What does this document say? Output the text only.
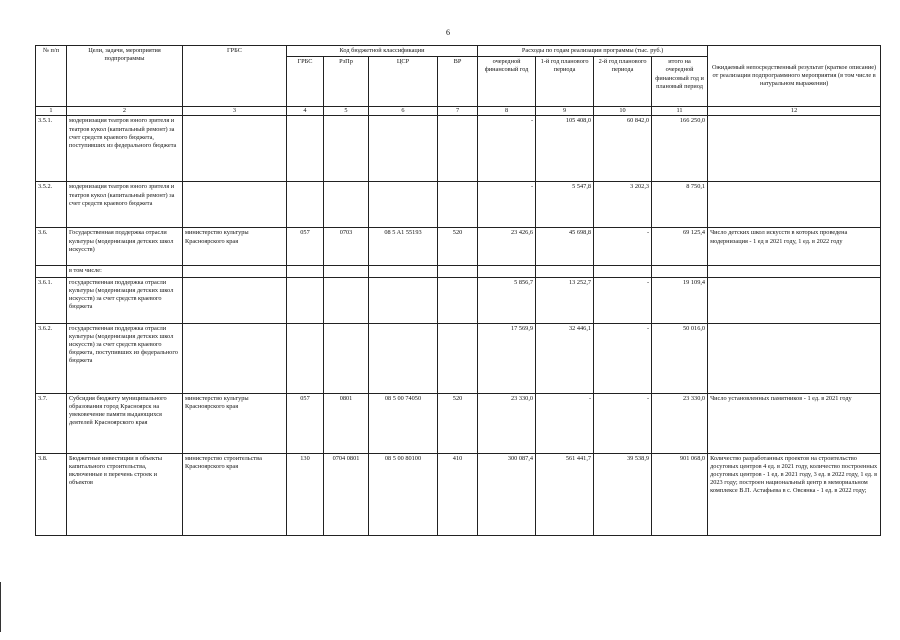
6
№ п/п	Цели, задачи, мероприятия подпрограммы	ГРБС	Код бюджетной классификации				Расходы по годам реализации программы (тыс. руб.)				Ожидаемый непосредственный результат (краткое описание) от реализации подпрограммного мероприятия (в том числе в натуральном выражении)
			ГРБС	РзПр	ЦСР	ВР	очередной финансовый год	1-й год планового периода	2-й год планового периода	итого на очередной финансовый год и плановый период	
1	2	3	4	5	6	7	8	9	10	11	12
3.5.1.	модернизация театров юного зрителя и театров кукол (капитальный ремонт) за счет средств краевого бюджета, поступивших из федерального бюджета						-	105 408,0	60 842,0	166 250,0	
3.5.2.	модернизация театров юного зрителя и театров кукол (капитальный ремонт) за счет средств краевого бюджета						-	5 547,8	3 202,3	8 750,1	
3.6.	Государственная поддержка отрасли культуры (модернизация детских школ искусств)	министерство культуры Красноярского края	057	0703	08 5 A1 55193	520	23 426,6	45 698,8	-	69 125,4	Число детских школ искусств в которых проведена модернизация - 1 ед в 2021 году, 1 ед. в 2022 году
	в том числе:										
3.6.1.	государственная поддержка отрасли культуры (модернизация детских школ искусств) за счет средств краевого бюджета						5 856,7	13 252,7	-	19 109,4	
3.6.2.	государственная поддержка отрасли культуры (модернизация детских школ искусств) за счет средств краевого бюджета, поступивших из федерального бюджета						17 569,9	32 446,1	-	50 016,0	
3.7.	Субсидия бюджету муниципального образования город Красноярск на увековечение памяти выдающихся деятелей Красноярского края	министерство культуры Красноярского края	057	0801	08 5 00 74050	520	23 330,0	-	-	23 330,0	Число установленных памятников - 1 ед. в 2021 году
3.8.	Бюджетные инвестиции в объекты капитального строительства, включенные в перечень строек и объектов	министерство строительства Красноярского края	130	0704 0801	08 5 00 80100	410	300 087,4	561 441,7	39 538,9	901 068,0	Количество разработанных проектов на строительство досуговых центров 4 ед. в 2021 году, количество построенных досуговых центров - 1 ед. в 2021 году, 3 ед. в 2022 году, 1 ед. в 2023 году; построен национальный центр в мемориальном комплексе В.П. Астафьева в с. Овсянка - 1 ед. в 2022 году;
